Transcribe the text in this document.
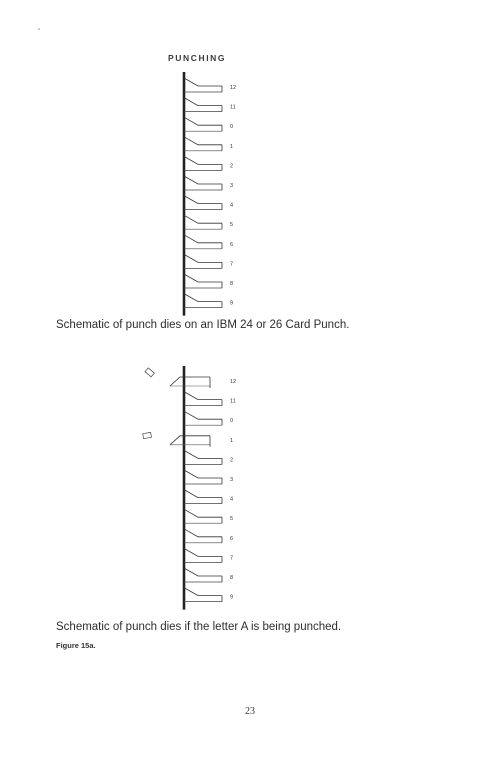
PUNCHING
12
11
0
1
2
3
4
5
6
7
8
9
Schematic of punch dies on an IBM 24 or 26 Card Punch.
12
11
0
1
2
3
4
5
6
7
8
9
Schematic of punch dies if the letter A is being punched.
Figure 15a.
23
